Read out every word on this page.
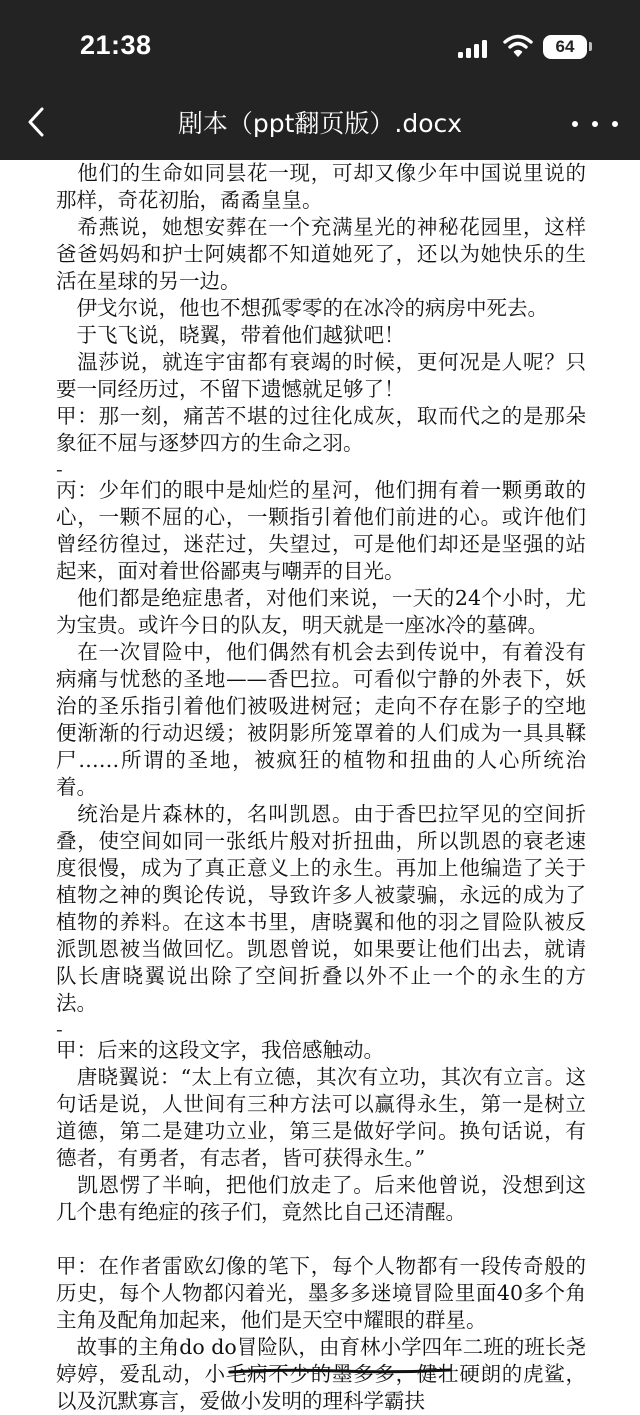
21:38	64
剧本（ppt翻页版）.docx

　他们的生命如同昙花一现，可却又像少年中国说里说的那样，奇花初胎，矞矞皇皇。

　希燕说，她想安葬在一个充满星光的神秘花园里，这样爸爸妈妈和护士阿姨都不知道她死了，还以为她快乐的生活在星球的另一边。

　伊戈尔说，他也不想孤零零的在冰冷的病房中死去。

　于飞飞说，晓翼，带着他们越狱吧！

　温莎说，就连宇宙都有衰竭的时候，更何况是人呢？只要一同经历过，不留下遗憾就足够了！

甲：那一刻，痛苦不堪的过往化成灰，取而代之的是那朵象征不屈与逐梦四方的生命之羽。

-

丙：少年们的眼中是灿烂的星河，他们拥有着一颗勇敢的心，一颗不屈的心，一颗指引着他们前进的心。或许他们曾经彷徨过，迷茫过，失望过，可是他们却还是坚强的站起来，面对着世俗鄙夷与嘲弄的目光。

　他们都是绝症患者，对他们来说，一天的24个小时，尤为宝贵。或许今日的队友，明天就是一座冰冷的墓碑。

　在一次冒险中，他们偶然有机会去到传说中，有着没有病痛与忧愁的圣地——香巴拉。可看似宁静的外表下，妖治的圣乐指引着他们被吸进树冠；走向不存在影子的空地便渐渐的行动迟缓；被阴影所笼罩着的人们成为一具具鞣尸……所谓的圣地，被疯狂的植物和扭曲的人心所统治着。

　统治是片森林的，名叫凯恩。由于香巴拉罕见的空间折叠，使空间如同一张纸片般对折扭曲，所以凯恩的衰老速度很慢，成为了真正意义上的永生。再加上他编造了关于植物之神的舆论传说，导致许多人被蒙骗，永远的成为了植物的养料。在这本书里，唐晓翼和他的羽之冒险队被反派凯恩被当做回忆。凯恩曾说，如果要让他们出去，就请队长唐晓翼说出除了空间折叠以外不止一个的永生的方法。

-

甲：后来的这段文字，我倍感触动。

　唐晓翼说：“太上有立德，其次有立功，其次有立言。这句话是说，人世间有三种方法可以赢得永生，第一是树立道德，第二是建功立业，第三是做好学问。换句话说，有德者，有勇者，有志者，皆可获得永生。”

　凯恩愣了半晌，把他们放走了。后来他曾说，没想到这几个患有绝症的孩子们，竟然比自己还清醒。

甲：在作者雷欧幻像的笔下，每个人物都有一段传奇般的历史，每个人物都闪着光，墨多多迷境冒险里面40多个角主角及配角加起来，他们是天空中耀眼的群星。

　故事的主角do do冒险队，由育林小学四年二班的班长尧婷婷，爱乱动，小毛病不少的墨多多，健壮硬朗的虎鲨，以及沉默寡言，爱做小发明的理科学霸扶
